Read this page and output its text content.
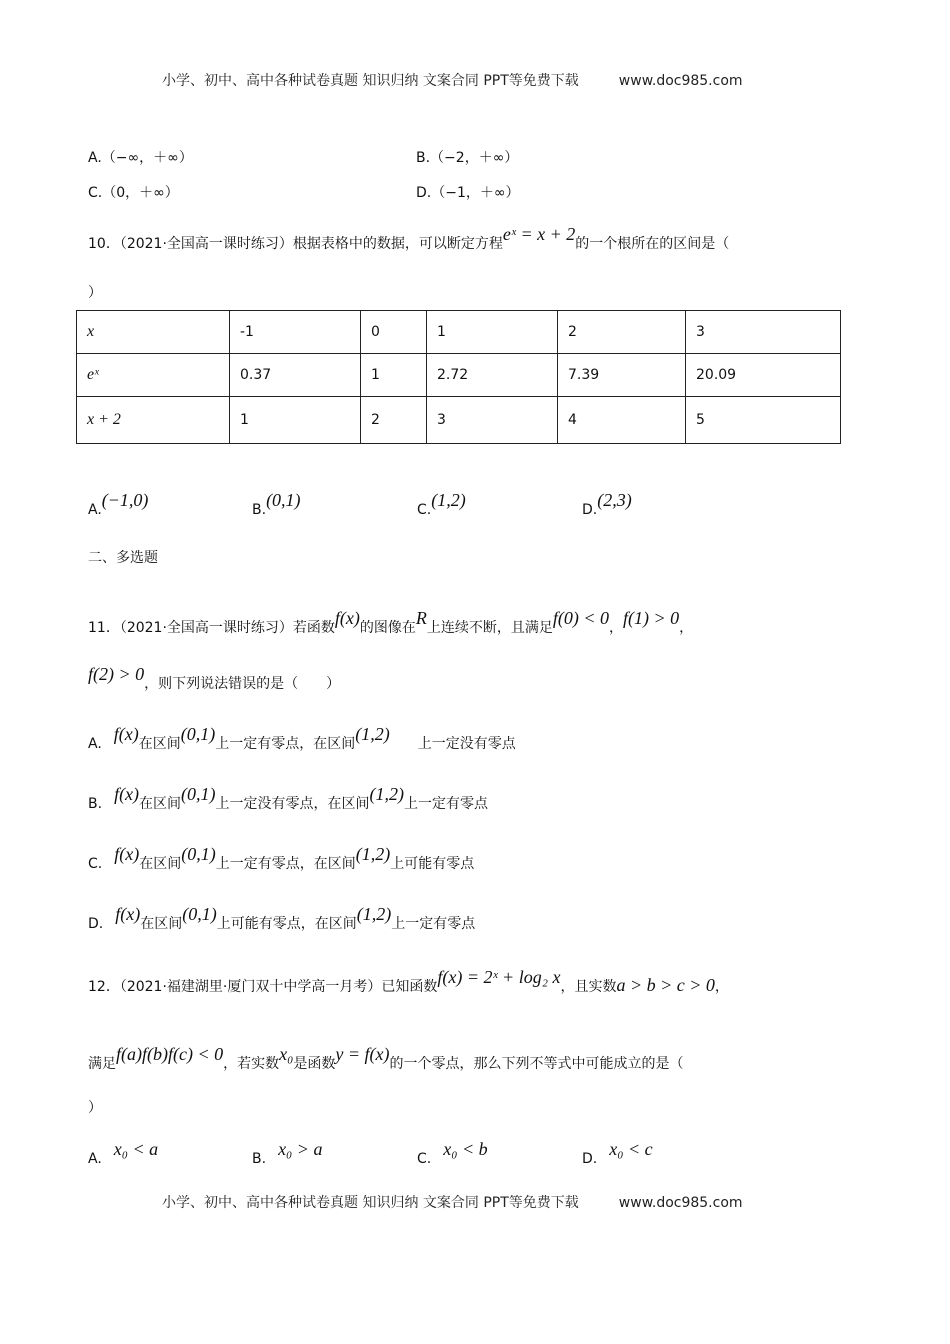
小学、初中、高中各种试卷真题 知识归纳 文案合同 PPT等免费下载	www.doc985.com
A.（−∞，＋∞）	B.（−2，＋∞）
C.（0，＋∞）	D.（−1，＋∞）
10．（2021·全国高一课时练习）根据表格中的数据，可以断定方程eˣ = x + 2的一个根所在的区间是（
）
x	-1	0	1	2	3
eˣ	0.37	1	2.72	7.39	20.09
x + 2	1	2	3	4	5
A.(−1,0)	B.(0,1)	C.(1,2)	D.(2,3)
二、多选题
11．（2021·全国高一课时练习）若函数f(x)的图像在R上连续不断，且满足f(0) < 0，f(1) > 0，
f(2) > 0，则下列说法错误的是（　　）
A. f(x)在区间(0,1)上一定有零点，在区间(1,2)　　上一定没有零点
B. f(x)在区间(0,1)上一定没有零点，在区间(1,2)上一定有零点
C. f(x)在区间(0,1)上一定有零点，在区间(1,2)上可能有零点
D. f(x)在区间(0,1)上可能有零点，在区间(1,2)上一定有零点
12．（2021·福建湖里·厦门双十中学高一月考）已知函数f(x) = 2ˣ + log₂ x，且实数a > b > c > 0，
满足f(a)f(b)f(c) < 0，若实数x₀是函数y = f(x)的一个零点，那么下列不等式中可能成立的是（
）
A. x₀ < a	B. x₀ > a	C. x₀ < b	D. x₀ < c
小学、初中、高中各种试卷真题 知识归纳 文案合同 PPT等免费下载	www.doc985.com
